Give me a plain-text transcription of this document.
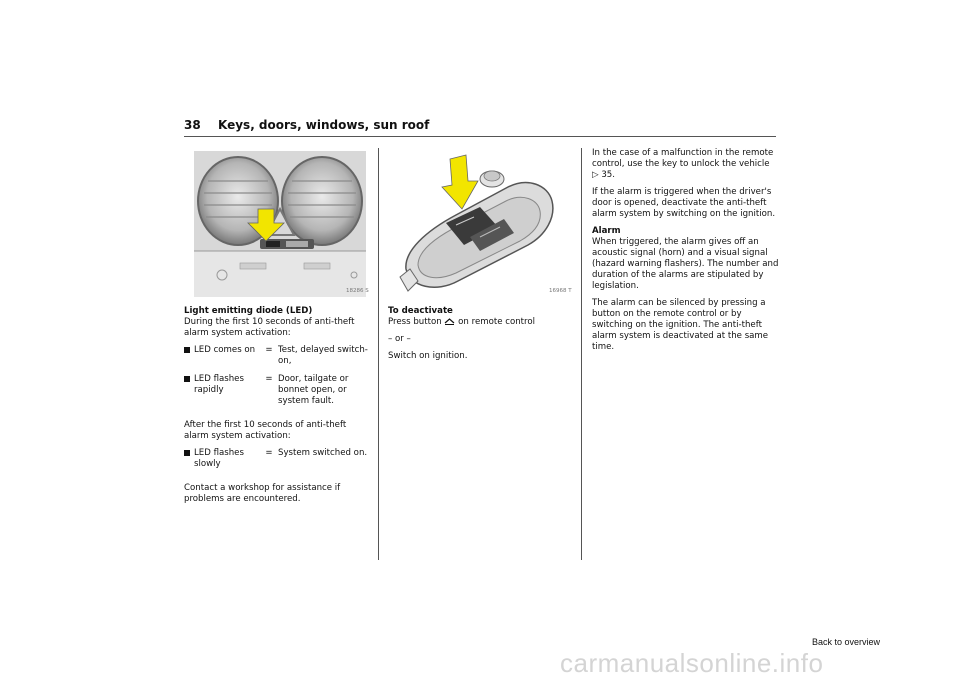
38 Keys, doors, windows, sun roof
18286 S	16968 T
Light emitting diode (LED)

During the first 10 seconds of anti-theft alarm system activation:

	LED comes on	=	Test, delayed switch-on,
	LED flashes rapidly	=	Door, tailgate or bonnet open, or system fault.

After the first 10 seconds of anti-theft alarm system activation:

	LED flashes slowly	=	System switched on.

Contact a workshop for assistance if problems are encountered.

To deactivate

Press button on remote control

– or –

Switch on ignition.

In the case of a malfunction in the remote control, use the key to unlock the vehicle
▷ 35.

If the alarm is triggered when the driver's door is opened, deactivate the anti-theft alarm system by switching on the ignition.

Alarm

When triggered, the alarm gives off an acoustic signal (horn) and a visual signal (hazard warning flashers). The number and duration of the alarms are stipulated by legislation.

The alarm can be silenced by pressing a button on the remote control or by switching on the ignition. The anti-theft alarm system is deactivated at the same time.

Back to overview
carmanualsonline.info
